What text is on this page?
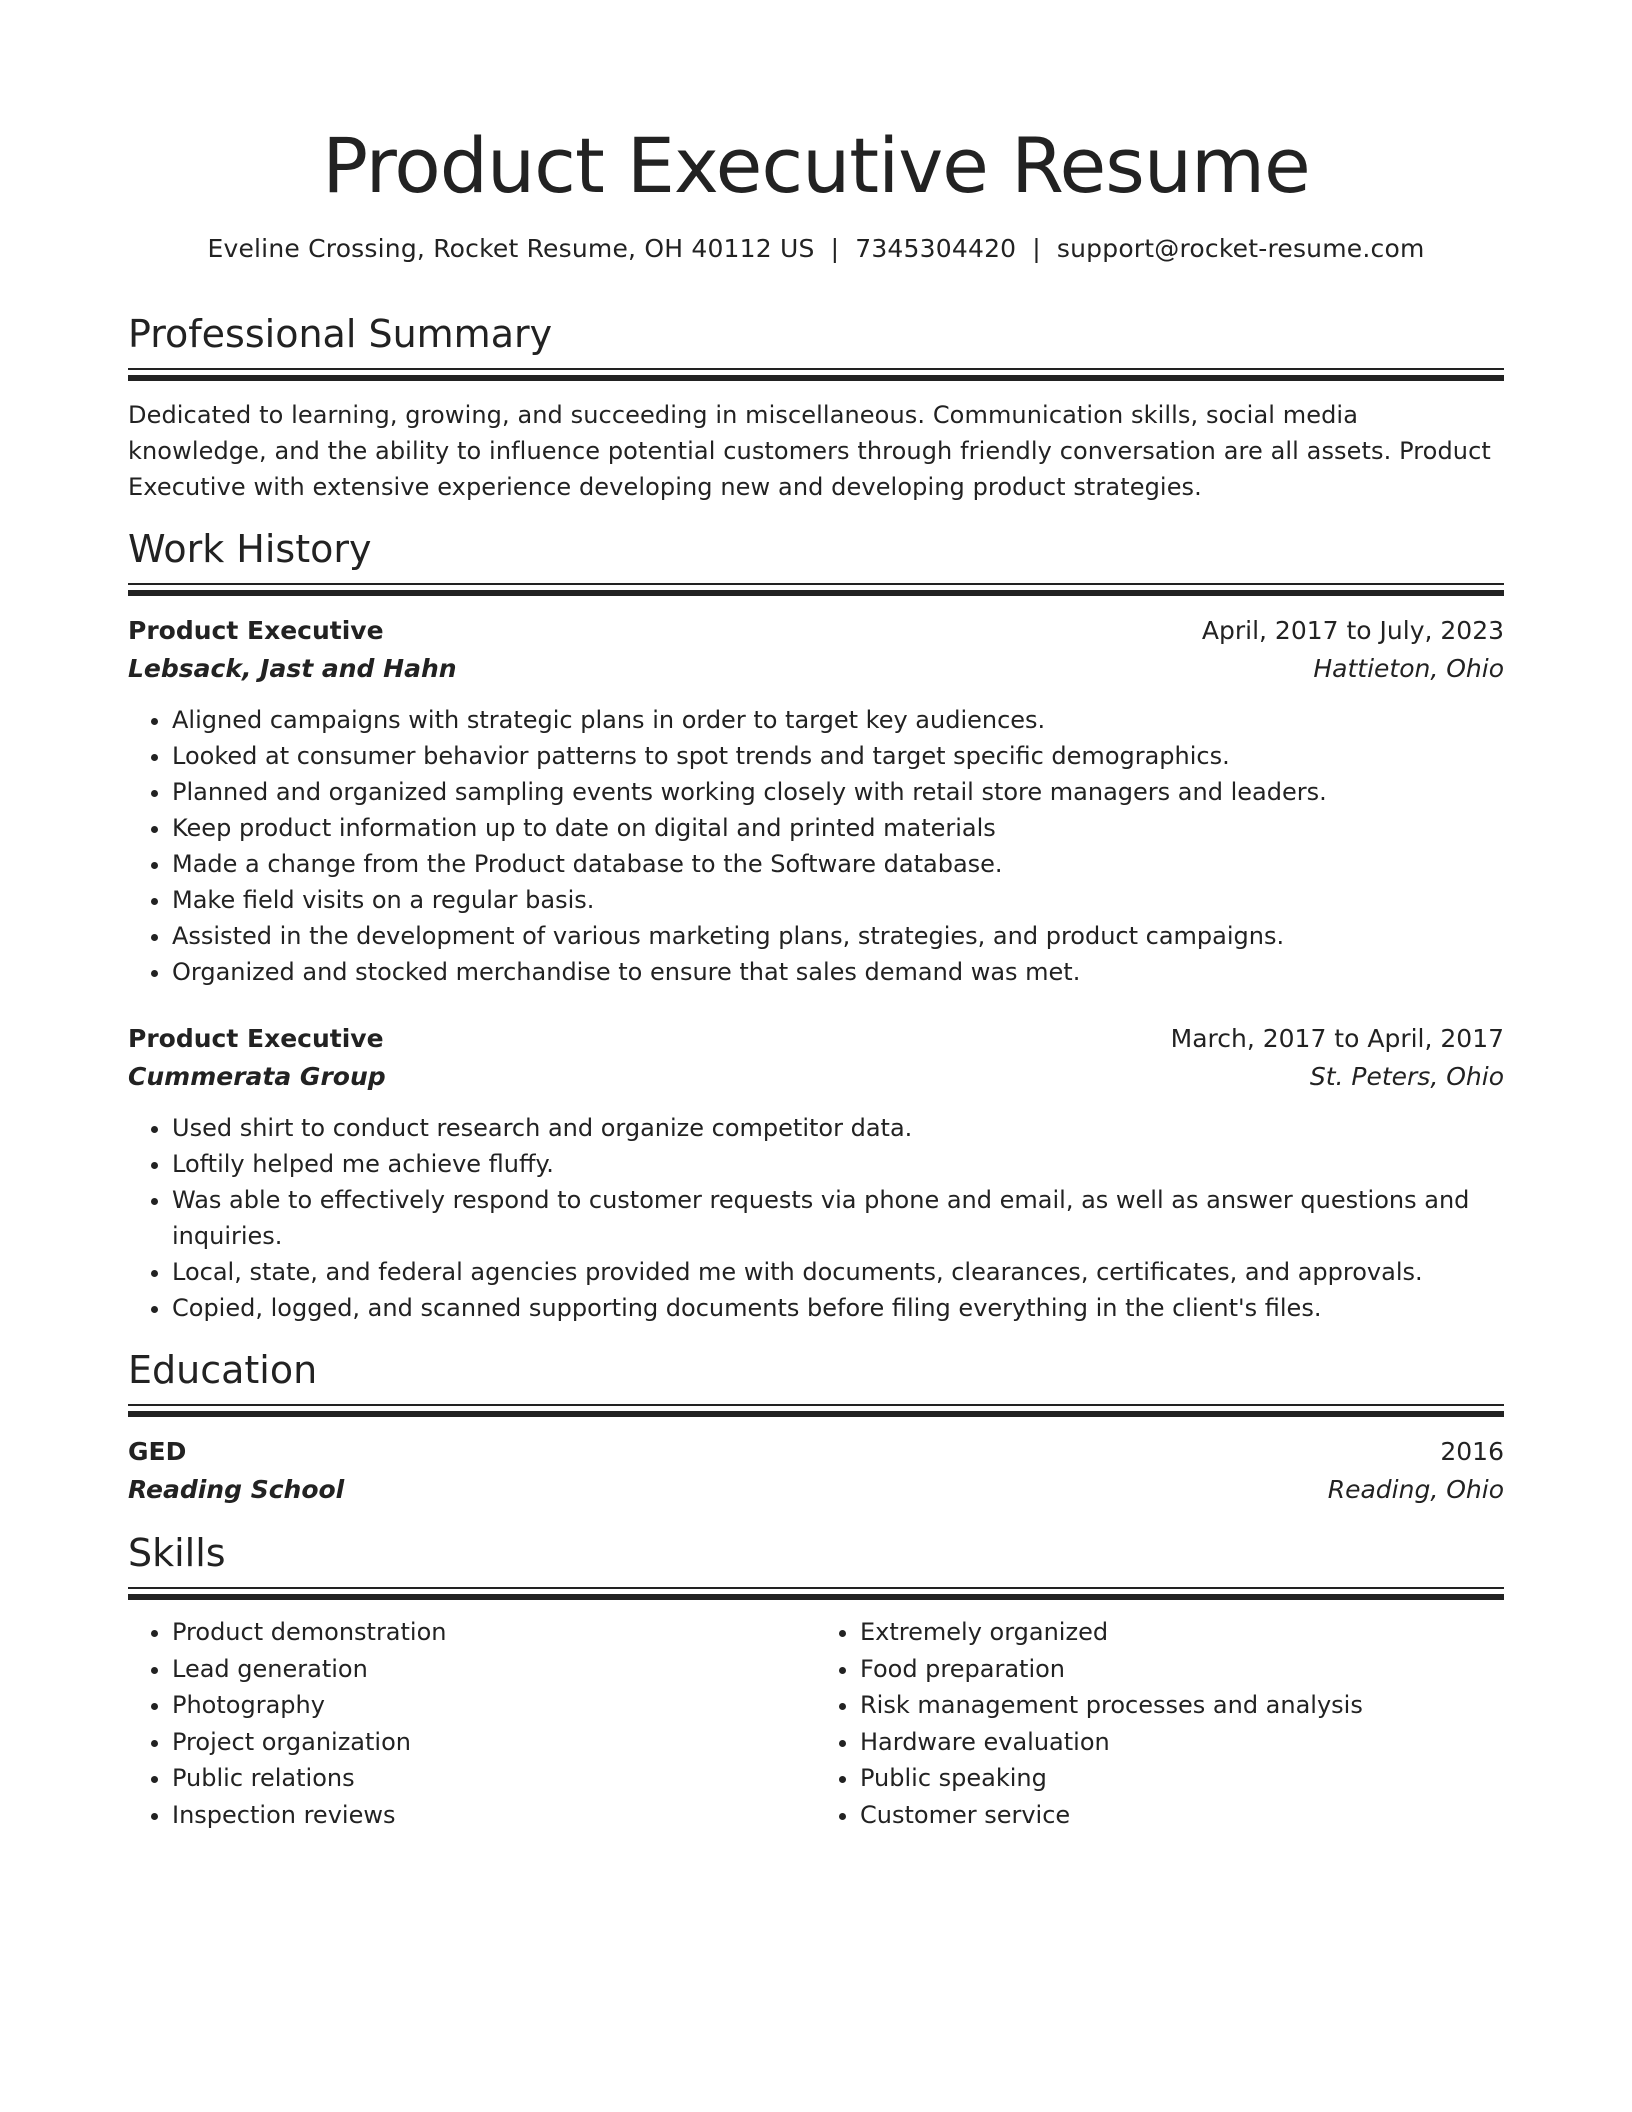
Product Executive Resume
Eveline Crossing, Rocket Resume, OH 40112 US | 7345304420 | support@rocket-resume.com
Professional Summary
Dedicated to learning, growing, and succeeding in miscellaneous. Communication skills, social media knowledge, and the ability to influence potential customers through friendly conversation are all assets. Product Executive with extensive experience developing new and developing product strategies.
Work History
Product Executive	April, 2017 to July, 2023
Lebsack, Jast and Hahn	Hattieton, Ohio
• Aligned campaigns with strategic plans in order to target key audiences.
• Looked at consumer behavior patterns to spot trends and target specific demographics.
• Planned and organized sampling events working closely with retail store managers and leaders.
• Keep product information up to date on digital and printed materials
• Made a change from the Product database to the Software database.
• Make field visits on a regular basis.
• Assisted in the development of various marketing plans, strategies, and product campaigns.
• Organized and stocked merchandise to ensure that sales demand was met.
Product Executive	March, 2017 to April, 2017
Cummerata Group	St. Peters, Ohio
• Used shirt to conduct research and organize competitor data.
• Loftily helped me achieve fluffy.
• Was able to effectively respond to customer requests via phone and email, as well as answer questions and inquiries.
• Local, state, and federal agencies provided me with documents, clearances, certificates, and approvals.
• Copied, logged, and scanned supporting documents before filing everything in the client's files.
Education
GED	2016
Reading School	Reading, Ohio
Skills
• Product demonstration
• Lead generation
• Photography
• Project organization
• Public relations
• Inspection reviews
• Extremely organized
• Food preparation
• Risk management processes and analysis
• Hardware evaluation
• Public speaking
• Customer service
